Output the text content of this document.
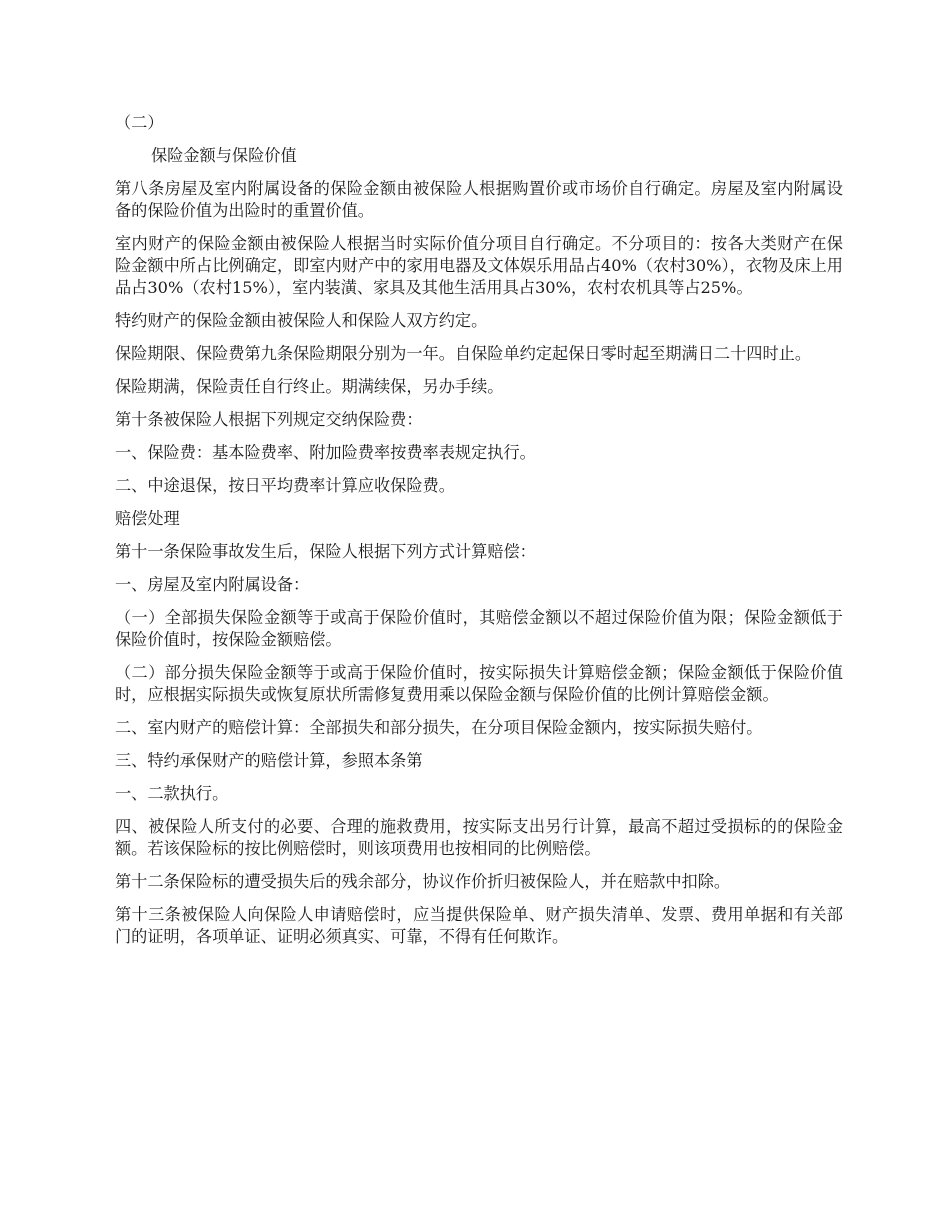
（二）

保险金额与保险价值

第八条房屋及室内附属设备的保险金额由被保险人根据购置价或市场价自行确定。房屋及室内附属设备的保险价值为出险时的重置价值。

室内财产的保险金额由被保险人根据当时实际价值分项目自行确定。不分项目的：按各大类财产在保险金额中所占比例确定，即室内财产中的家用电器及文体娱乐用品占40%（农村30%），衣物及床上用品占30%（农村15%），室内装潢、家具及其他生活用具占30%，农村农机具等占25%。

特约财产的保险金额由被保险人和保险人双方约定。

保险期限、保险费第九条保险期限分别为一年。自保险单约定起保日零时起至期满日二十四时止。

保险期满，保险责任自行终止。期满续保，另办手续。

第十条被保险人根据下列规定交纳保险费：

一、保险费：基本险费率、附加险费率按费率表规定执行。

二、中途退保，按日平均费率计算应收保险费。

赔偿处理

第十一条保险事故发生后，保险人根据下列方式计算赔偿：

一、房屋及室内附属设备：

（一）全部损失保险金额等于或高于保险价值时，其赔偿金额以不超过保险价值为限；保险金额低于保险价值时，按保险金额赔偿。

（二）部分损失保险金额等于或高于保险价值时，按实际损失计算赔偿金额；保险金额低于保险价值时，应根据实际损失或恢复原状所需修复费用乘以保险金额与保险价值的比例计算赔偿金额。

二、室内财产的赔偿计算：全部损失和部分损失，在分项目保险金额内，按实际损失赔付。

三、特约承保财产的赔偿计算，参照本条第

一、二款执行。

四、被保险人所支付的必要、合理的施救费用，按实际支出另行计算，最高不超过受损标的的保险金额。若该保险标的按比例赔偿时，则该项费用也按相同的比例赔偿。

第十二条保险标的遭受损失后的残余部分，协议作价折归被保险人，并在赔款中扣除。

第十三条被保险人向保险人申请赔偿时，应当提供保险单、财产损失清单、发票、费用单据和有关部门的证明，各项单证、证明必须真实、可靠，不得有任何欺诈。
